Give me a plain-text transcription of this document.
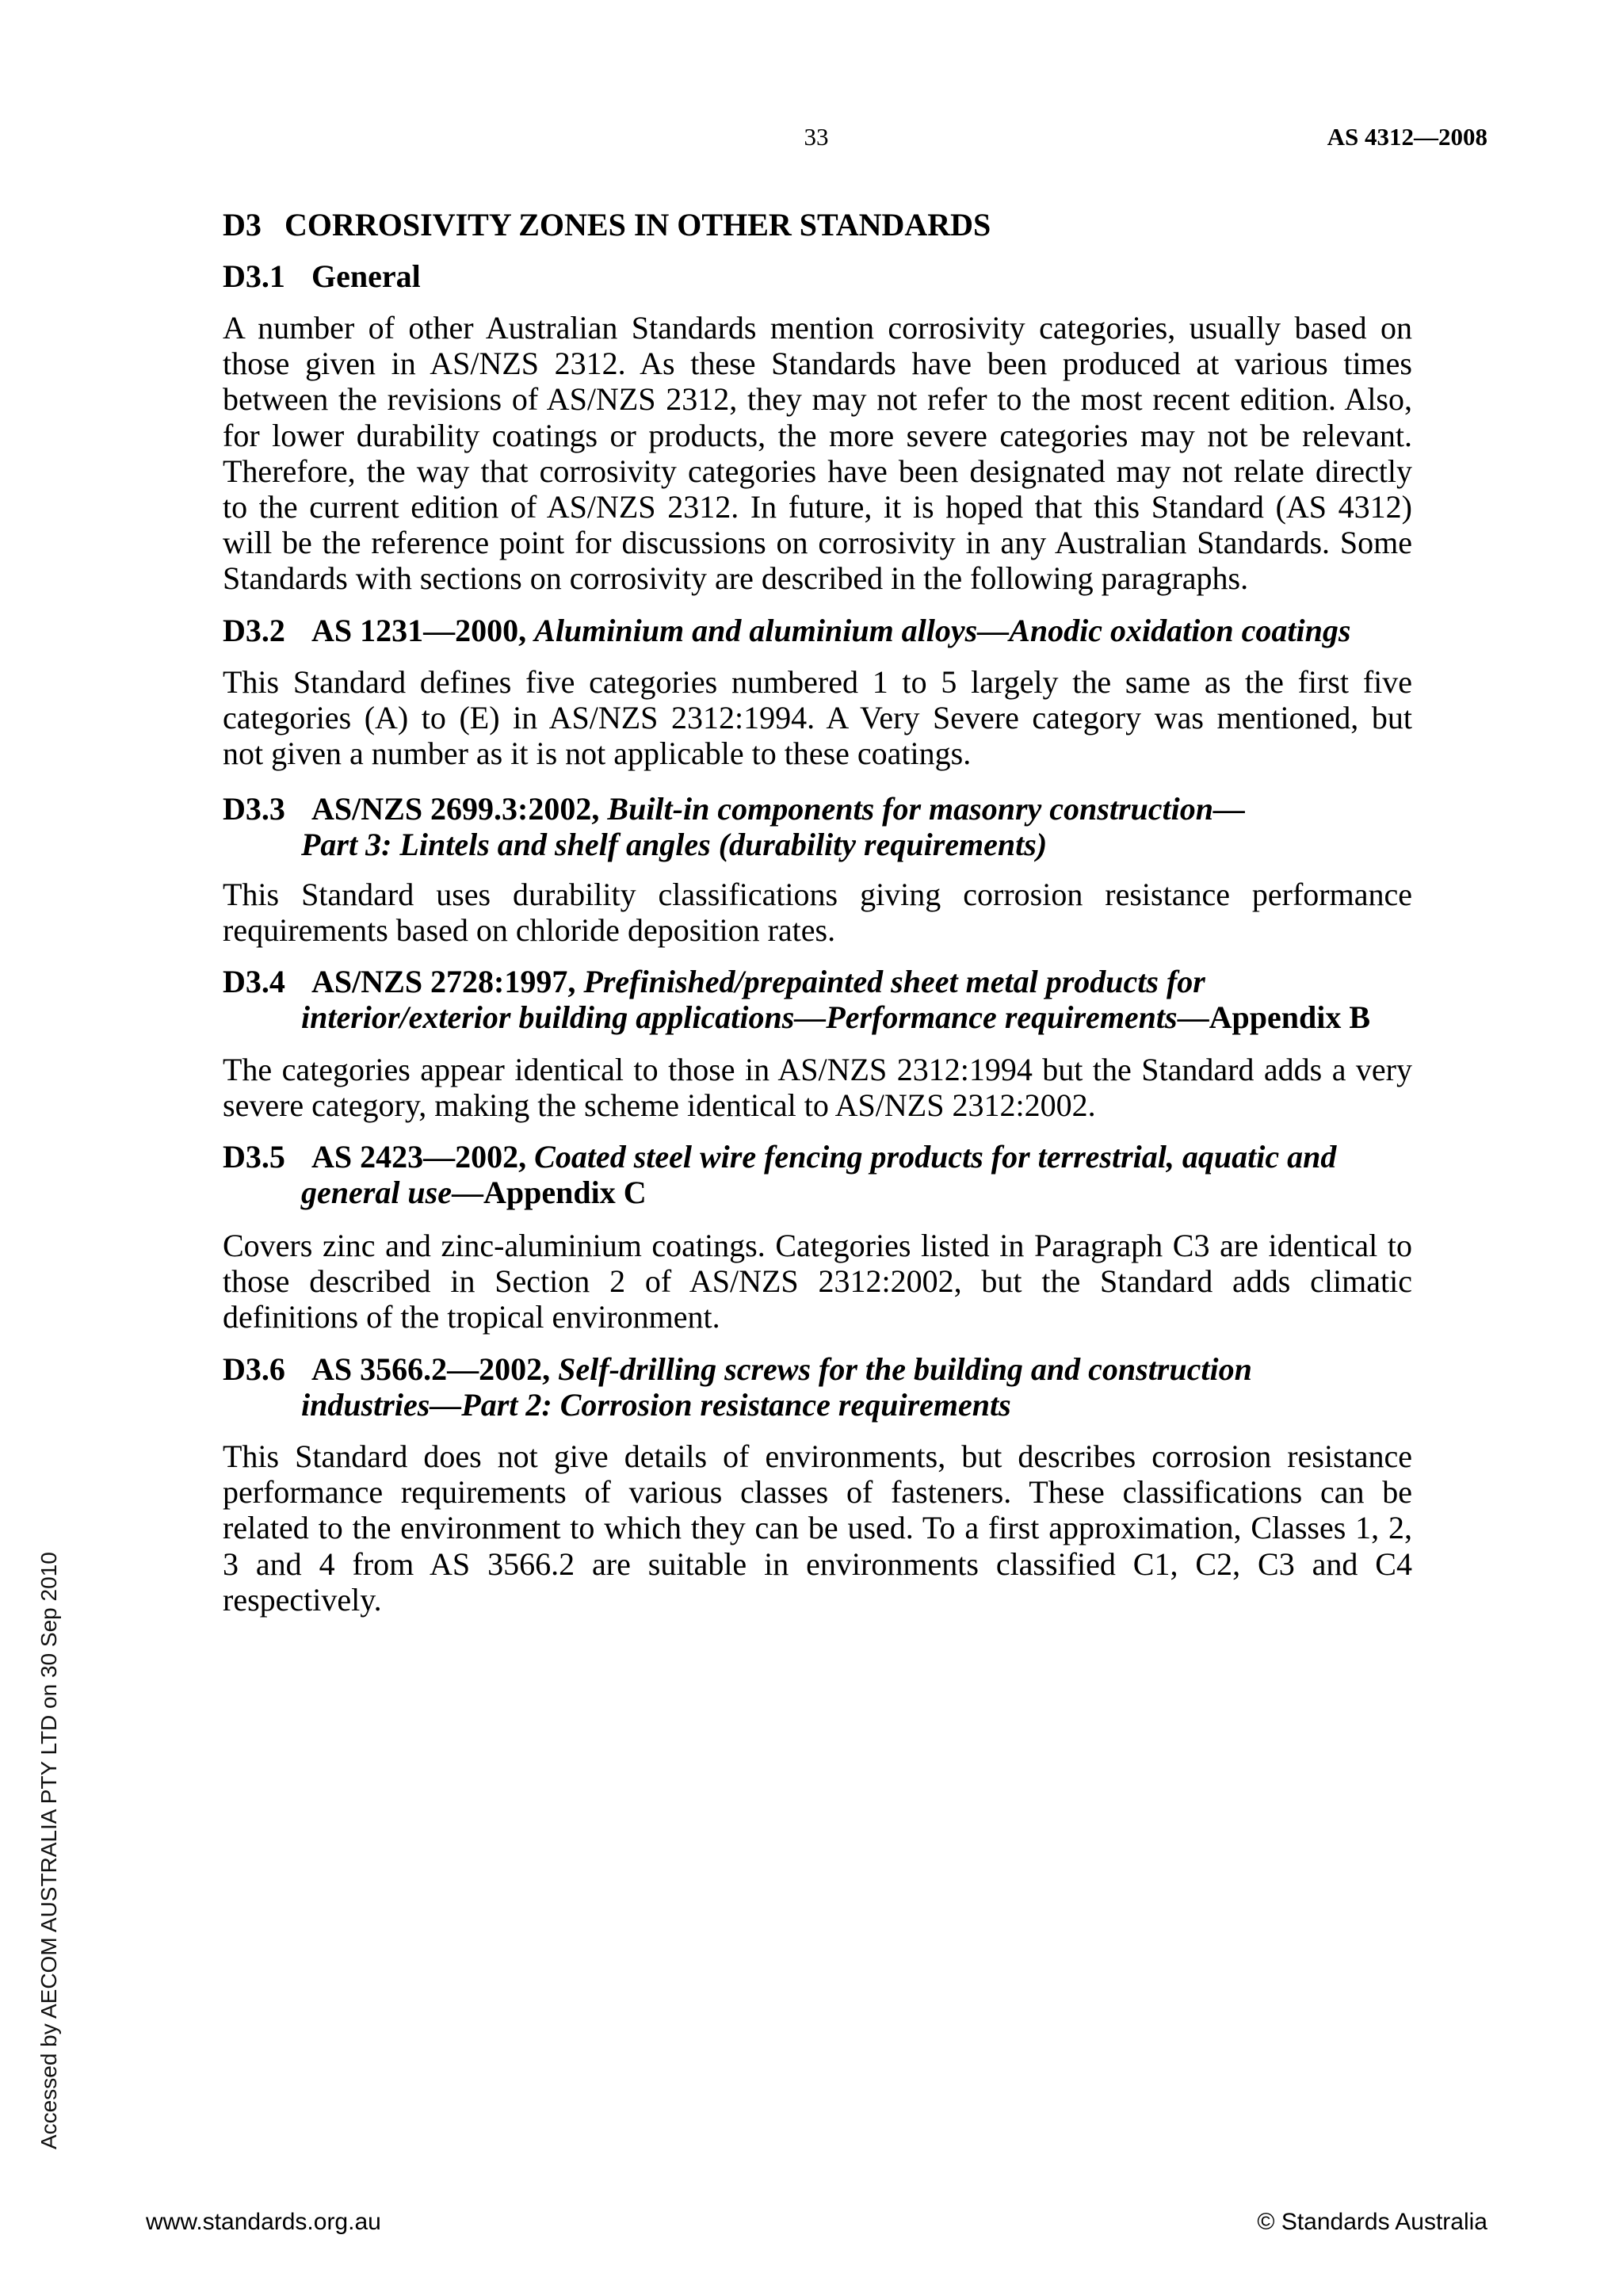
33	AS 4312—2008
D3 CORROSIVITY ZONES IN OTHER STANDARDS
D3.1 General
A number of other Australian Standards mention corrosivity categories, usually based on
those given in AS/NZS 2312. As these Standards have been produced at various times
between the revisions of AS/NZS 2312, they may not refer to the most recent edition. Also,
for lower durability coatings or products, the more severe categories may not be relevant.
Therefore, the way that corrosivity categories have been designated may not relate directly
to the current edition of AS/NZS 2312. In future, it is hoped that this Standard (AS 4312)
will be the reference point for discussions on corrosivity in any Australian Standards. Some
Standards with sections on corrosivity are described in the following paragraphs.
D3.2 AS 1231—2000, Aluminium and aluminium alloys—Anodic oxidation coatings
This Standard defines five categories numbered 1 to 5 largely the same as the first five
categories (A) to (E) in AS/NZS 2312:1994. A Very Severe category was mentioned, but
not given a number as it is not applicable to these coatings.
D3.3 AS/NZS 2699.3:2002, Built-in components for masonry construction—
Part 3: Lintels and shelf angles (durability requirements)
This Standard uses durability classifications giving corrosion resistance performance
requirements based on chloride deposition rates.
D3.4 AS/NZS 2728:1997, Prefinished/prepainted sheet metal products for
interior/exterior building applications—Performance requirements—Appendix B
The categories appear identical to those in AS/NZS 2312:1994 but the Standard adds a very
severe category, making the scheme identical to AS/NZS 2312:2002.
D3.5 AS 2423—2002, Coated steel wire fencing products for terrestrial, aquatic and
general use—Appendix C
Covers zinc and zinc-aluminium coatings. Categories listed in Paragraph C3 are identical to
those described in Section 2 of AS/NZS 2312:2002, but the Standard adds climatic
definitions of the tropical environment.
D3.6 AS 3566.2—2002, Self-drilling screws for the building and construction
industries—Part 2: Corrosion resistance requirements
This Standard does not give details of environments, but describes corrosion resistance
performance requirements of various classes of fasteners. These classifications can be
related to the environment to which they can be used. To a first approximation, Classes 1, 2,
3 and 4 from AS 3566.2 are suitable in environments classified C1, C2, C3 and C4
respectively.
Accessed by AECOM AUSTRALIA PTY LTD on 30 Sep 2010
www.standards.org.au	© Standards Australia
